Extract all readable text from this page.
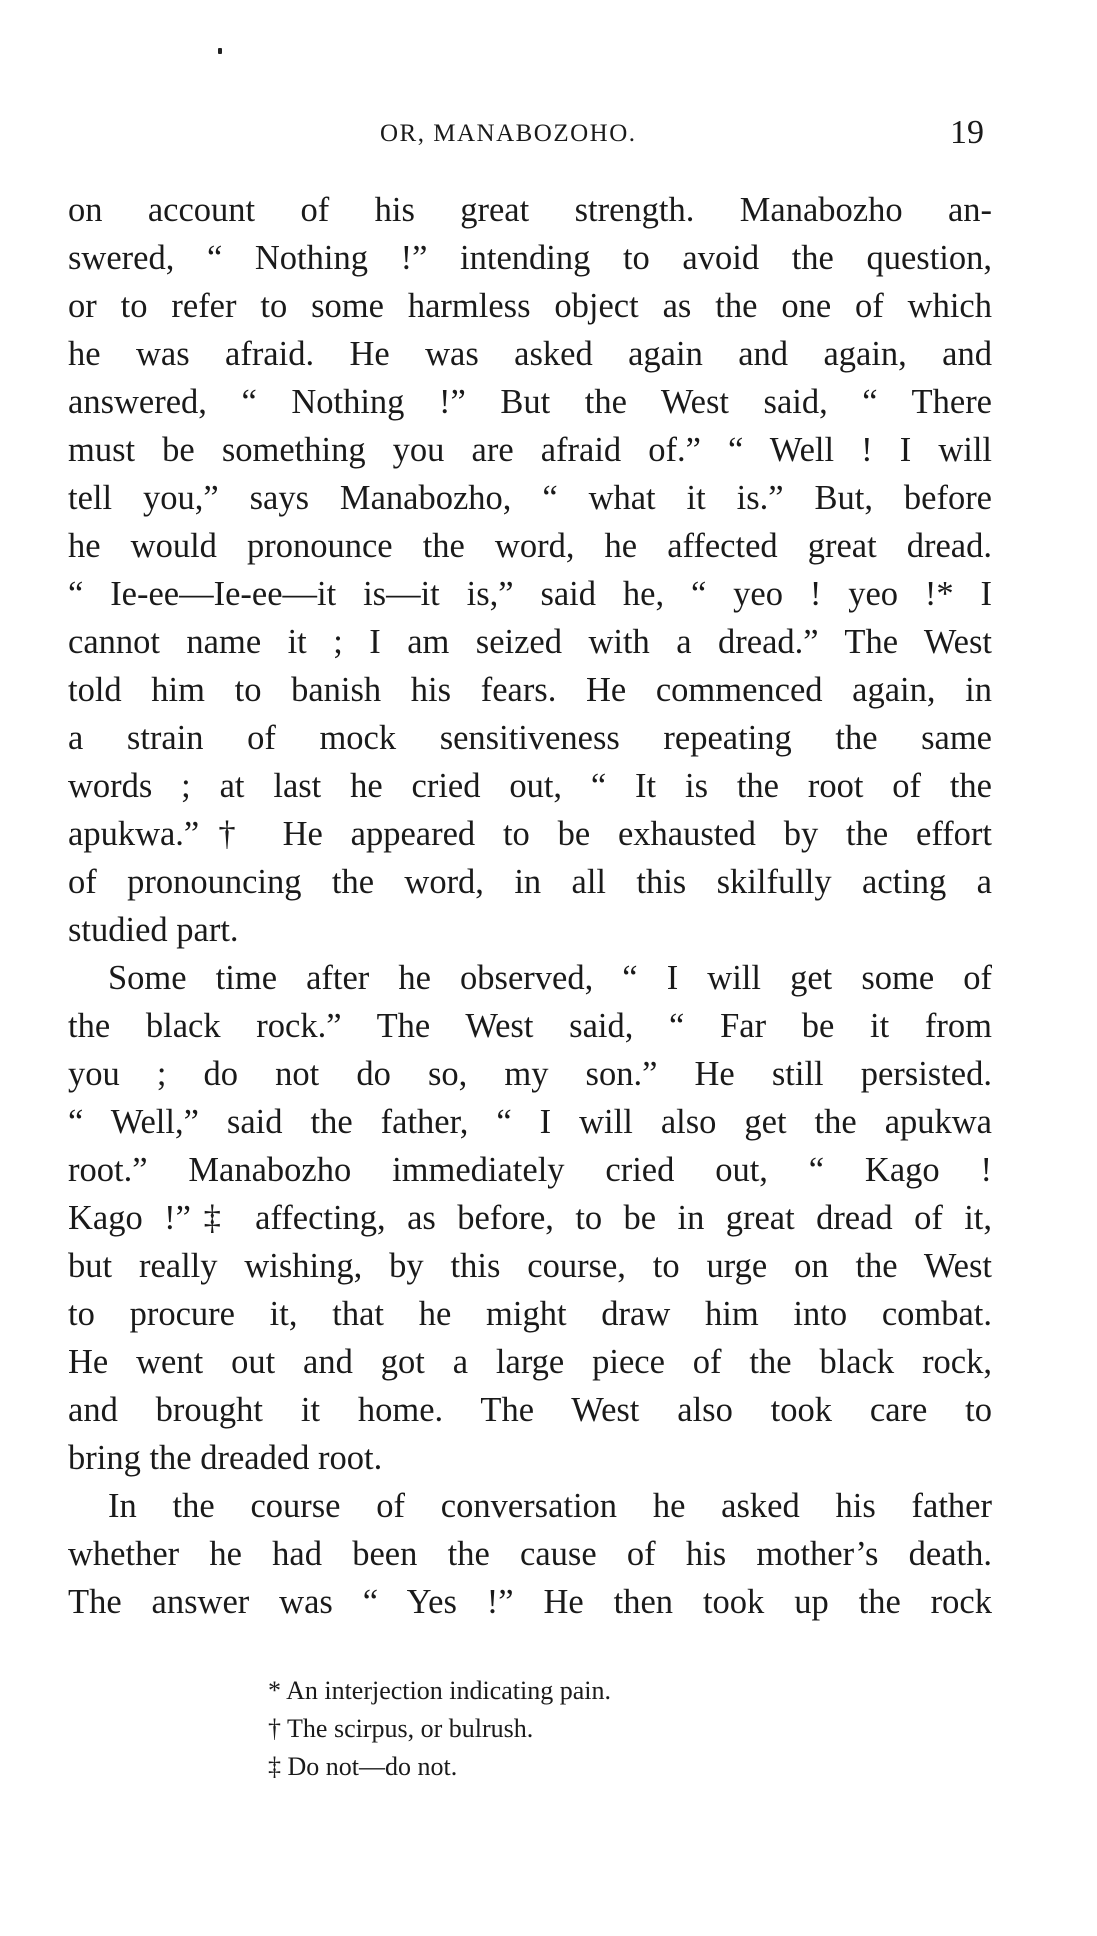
OR, MANABOZOHO.	19
on account of his great strength. Manabozho an-
swered, “ Nothing !” intending to avoid the question,
or to refer to some harmless object as the one of which
he was afraid. He was asked again and again, and
answered, “ Nothing !” But the West said, “ There
must be something you are afraid of.” “ Well ! I will
tell you,” says Manabozho, “ what it is.” But, before
he would pronounce the word, he affected great dread.
“ Ie-ee—Ie-ee—it is—it is,” said he, “ yeo ! yeo !* I
cannot name it ; I am seized with a dread.” The West
told him to banish his fears. He commenced again, in
a strain of mock sensitiveness repeating the same
words ; at last he cried out, “ It is the root of the
apukwa.”† He appeared to be exhausted by the effort
of pronouncing the word, in all this skilfully acting a
studied part.
Some time after he observed, “ I will get some of
the black rock.” The West said, “ Far be it from
you ; do not do so, my son.” He still persisted.
“ Well,” said the father, “ I will also get the apukwa
root.” Manabozho immediately cried out, “ Kago !
Kago !”‡ affecting, as before, to be in great dread of it,
but really wishing, by this course, to urge on the West
to procure it, that he might draw him into combat.
He went out and got a large piece of the black rock,
and brought it home. The West also took care to
bring the dreaded root.
In the course of conversation he asked his father
whether he had been the cause of his mother’s death.
The answer was “ Yes !” He then took up the rock
* An interjection indicating pain.
† The scirpus, or bulrush.
‡ Do not—do not.
